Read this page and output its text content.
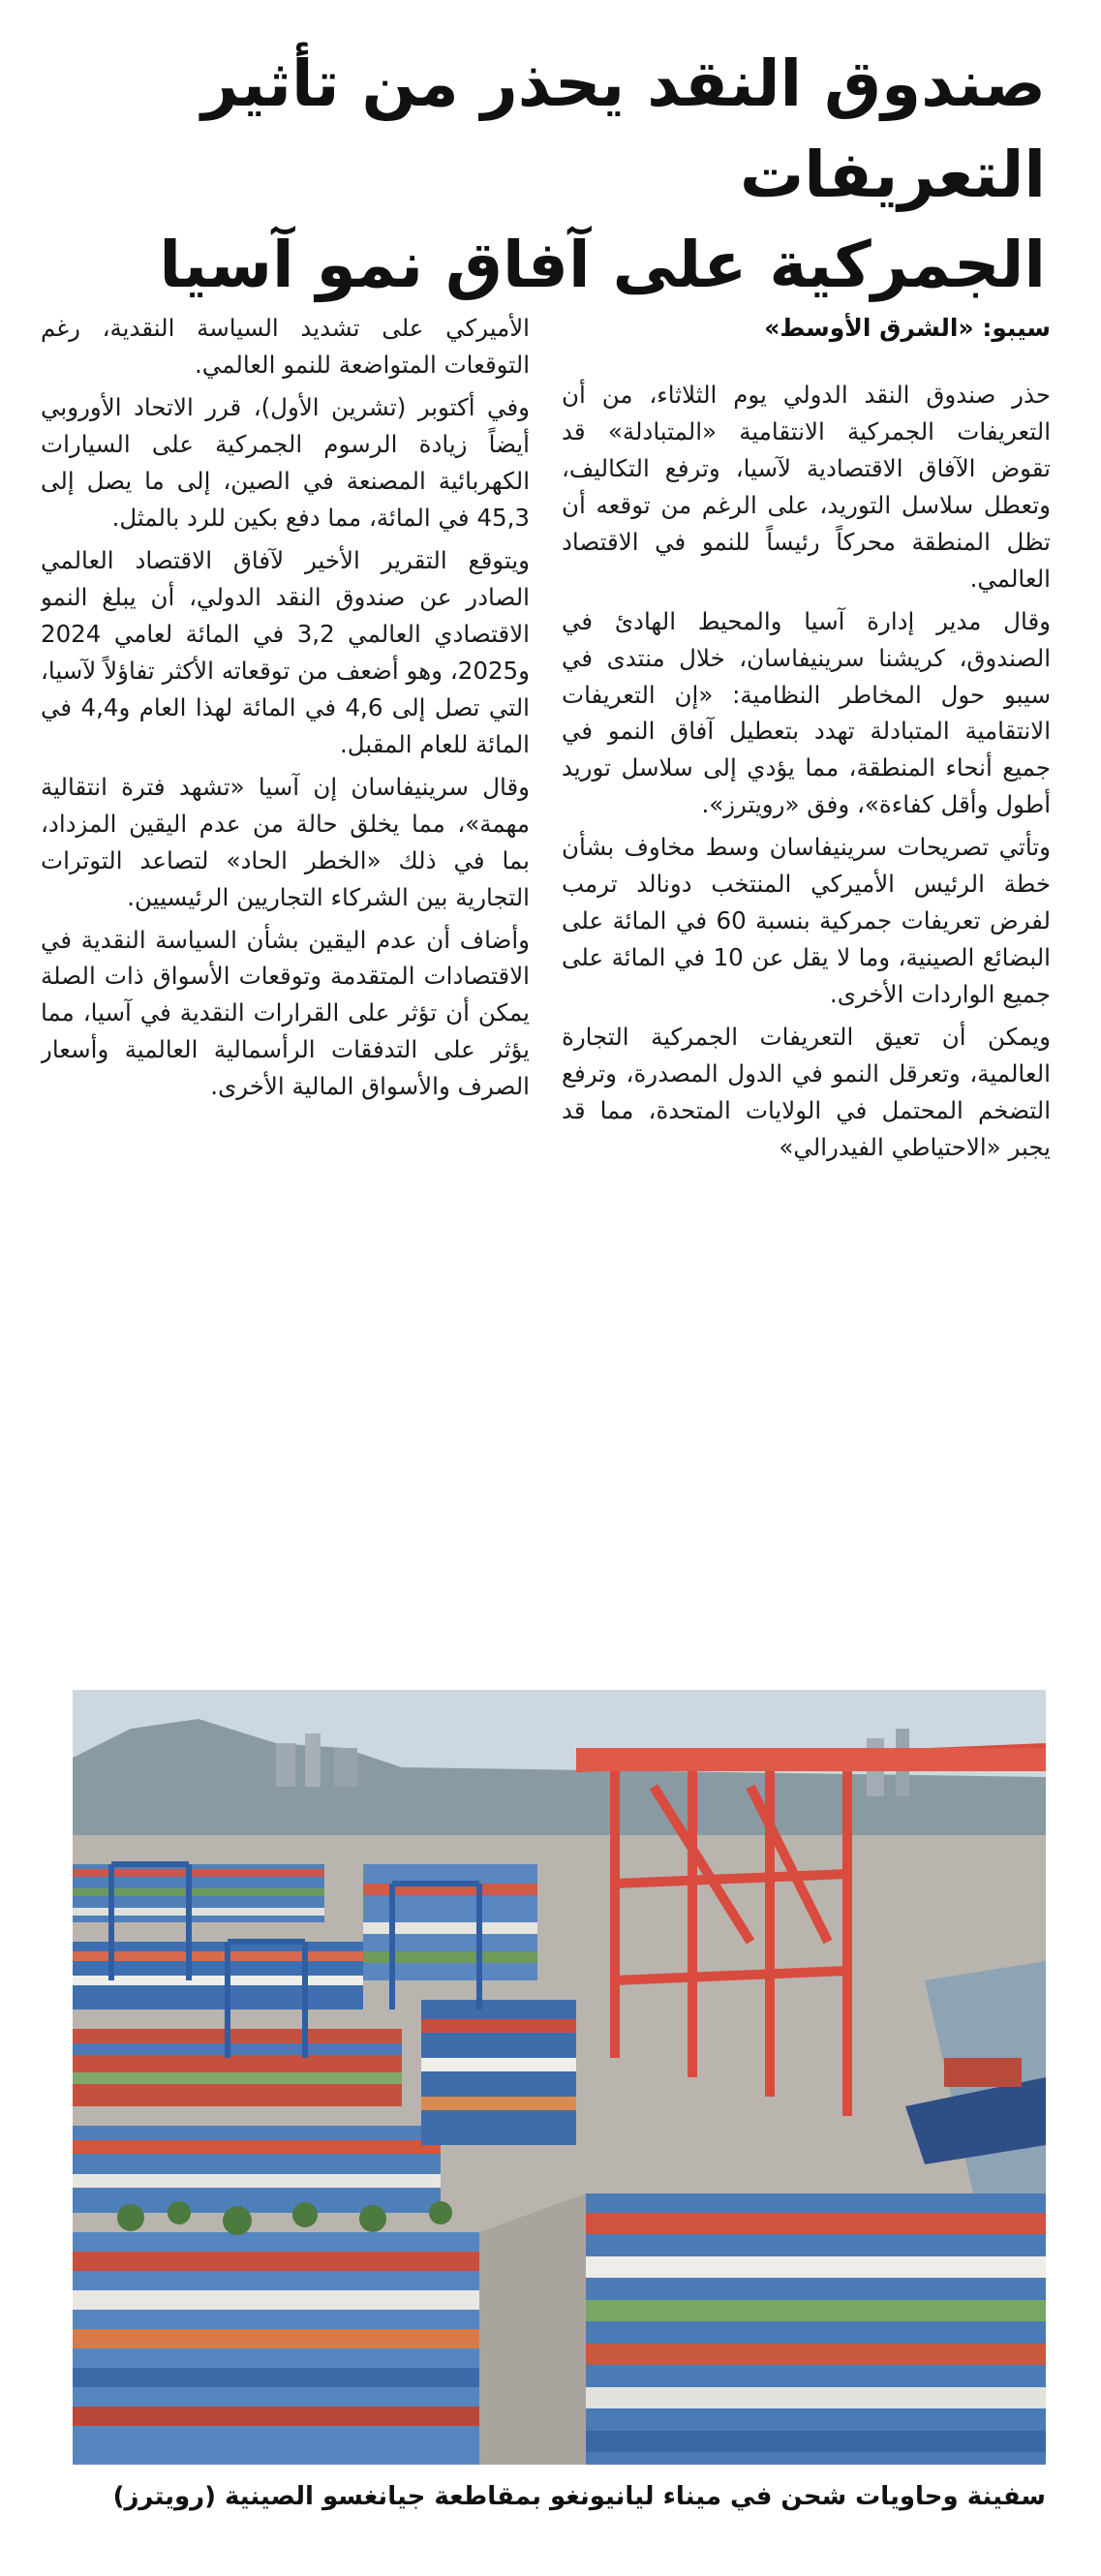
صندوق النقد يحذر من تأثير التعريفات
الجمركية على آفاق نمو آسيا
سيبو: «الشرق الأوسط»

حذر صندوق النقد الدولي يوم الثلاثاء، من أن التعريفات الجمركية الانتقامية «المتبادلة» قد تقوض الآفاق الاقتصادية لآسيا، وترفع التكاليف، وتعطل سلاسل التوريد، على الرغم من توقعه أن تظل المنطقة محركاً رئيساً للنمو في الاقتصاد العالمي.

وقال مدير إدارة آسيا والمحيط الهادئ في الصندوق، كريشنا سرينيفاسان، خلال منتدى في سيبو حول المخاطر النظامية: «إن التعريفات الانتقامية المتبادلة تهدد بتعطيل آفاق النمو في جميع أنحاء المنطقة، مما يؤدي إلى سلاسل توريد أطول وأقل كفاءة»، وفق «رويترز».

وتأتي تصريحات سرينيفاسان وسط مخاوف بشأن خطة الرئيس الأميركي المنتخب دونالد ترمب لفرض تعريفات جمركية بنسبة 60 في المائة على البضائع الصينية، وما لا يقل عن 10 في المائة على جميع الواردات الأخرى.

ويمكن أن تعيق التعريفات الجمركية التجارة العالمية، وتعرقل النمو في الدول المصدرة، وترفع التضخم المحتمل في الولايات المتحدة، مما قد يجبر «الاحتياطي الفيدرالي»

الأميركي على تشديد السياسة النقدية، رغم التوقعات المتواضعة للنمو العالمي.

وفي أكتوبر (تشرين الأول)، قرر الاتحاد الأوروبي أيضاً زيادة الرسوم الجمركية على السيارات الكهربائية المصنعة في الصين، إلى ما يصل إلى 45,3 في المائة، مما دفع بكين للرد بالمثل.

ويتوقع التقرير الأخير لآفاق الاقتصاد العالمي الصادر عن صندوق النقد الدولي، أن يبلغ النمو الاقتصادي العالمي 3,2 في المائة لعامي 2024 و2025، وهو أضعف من توقعاته الأكثر تفاؤلاً لآسيا، التي تصل إلى 4,6 في المائة لهذا العام و4,4 في المائة للعام المقبل.

وقال سرينيفاسان إن آسيا «تشهد فترة انتقالية مهمة»، مما يخلق حالة من عدم اليقين المزداد، بما في ذلك «الخطر الحاد» لتصاعد التوترات التجارية بين الشركاء التجاريين الرئيسيين.

وأضاف أن عدم اليقين بشأن السياسة النقدية في الاقتصادات المتقدمة وتوقعات الأسواق ذات الصلة يمكن أن تؤثر على القرارات النقدية في آسيا، مما يؤثر على التدفقات الرأسمالية العالمية وأسعار الصرف والأسواق المالية الأخرى.

سفينة وحاويات شحن في ميناء ليانيونغو بمقاطعة جيانغسو الصينية (رويترز)
